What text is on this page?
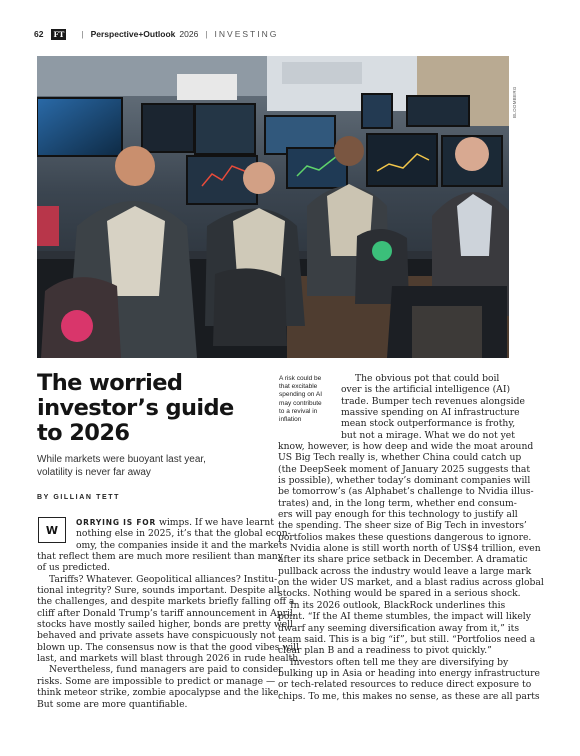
62 FT | Perspective+Outlook 2026 | INVESTING
BLOOMBERG
The worried
investor’s guide
to 2026

While markets were buoyant last year,
volatility is never far away

BY GILLIAN TETT

A risk could be
that excitable
spending on AI
may contribute
to a revival in
inflation

W
ORRYING IS FOR wimps. If we have learnt
nothing else in 2025, it’s that the global econ-
omy, the companies inside it and the markets
that reflect them are much more resilient than many
of us predicted.
Tariffs? Whatever. Geopolitical alliances? Institu-
tional integrity? Sure, sounds important. Despite all
the challenges, and despite markets briefly falling off a
cliff after Donald Trump’s tariff announcement in April,
stocks have mostly sailed higher, bonds are pretty well
behaved and private assets have conspicuously not
blown up. The consensus now is that the good vibes will
last, and markets will blast through 2026 in rude health.
Nevertheless, fund managers are paid to consider
risks. Some are impossible to predict or manage —
think meteor strike, zombie apocalypse and the like.
But some are more quantifiable.
The obvious pot that could boil
over is the artificial intelligence (AI)
trade. Bumper tech revenues alongside
massive spending on AI infrastructure
mean stock outperformance is frothy,
but not a mirage. What we do not yet
know, however, is how deep and wide the moat around
US Big Tech really is, whether China could catch up
(the DeepSeek moment of January 2025 suggests that
is possible), whether today’s dominant companies will
be tomorrow’s (as Alphabet’s challenge to Nvidia illus-
trates) and, in the long term, whether end consum-
ers will pay enough for this technology to justify all
the spending. The sheer size of Big Tech in investors’
portfolios makes these questions dangerous to ignore.
Nvidia alone is still worth north of US$4 trillion, even
after its share price setback in December. A dramatic
pullback across the industry would leave a large mark
on the wider US market, and a blast radius across global
stocks. Nothing would be spared in a serious shock.
In its 2026 outlook, BlackRock underlines this
point. “If the AI theme stumbles, the impact will likely
dwarf any seeming diversification away from it,” its
team said. This is a big “if”, but still. “Portfolios need a
clear plan B and a readiness to pivot quickly.”
Investors often tell me they are diversifying by
bulking up in Asia or heading into energy infrastructure
or tech-related resources to reduce direct exposure to
chips. To me, this makes no sense, as these are all parts
